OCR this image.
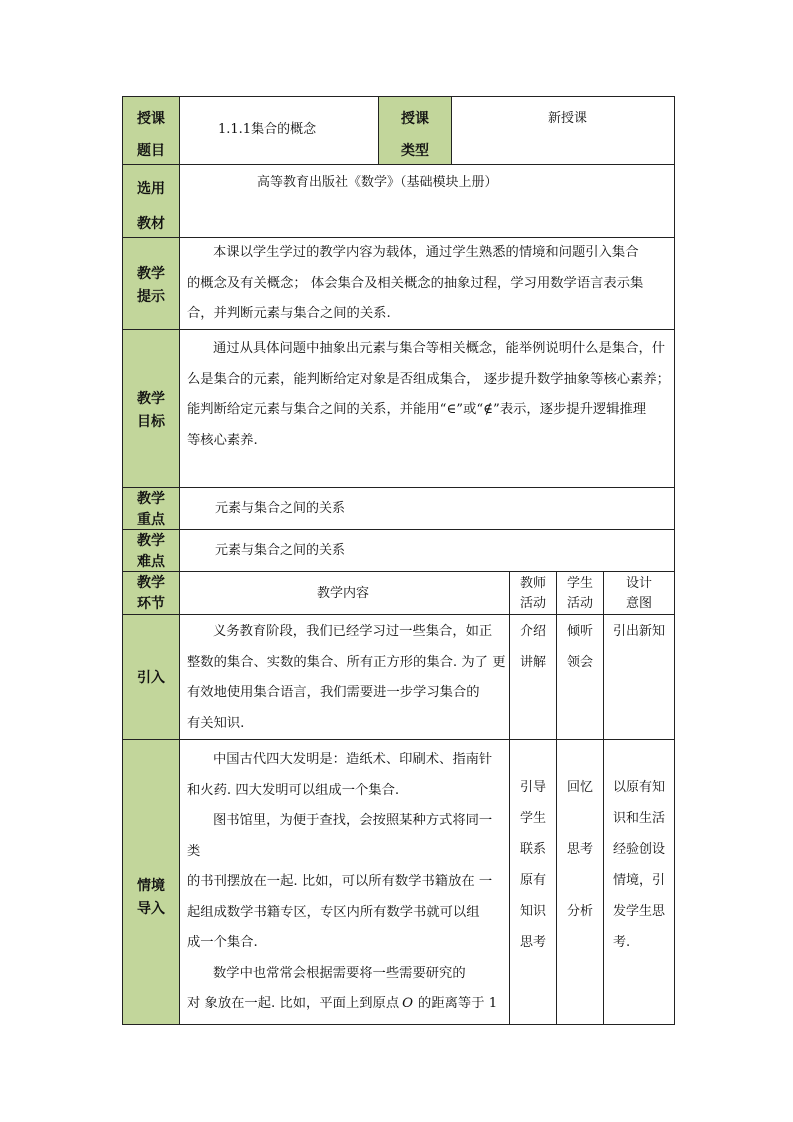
授课
题目
1.1.1集合的概念
授课
类型
新授课
选用
教材
高等教育出版社《数学》（基础模块上册）
教学
提示

本课以学生学过的教学内容为载体，通过学生熟悉的情境和问题引入集合

的概念及有关概念； 体会集合及相关概念的抽象过程，学习用数学语言表示集

合，并判断元素与集合之间的关系.

教学
目标

通过从具体问题中抽象出元素与集合等相关概念，能举例说明什么是集合，什

么是集合的元素，能判断给定对象是否组成集合， 逐步提升数学抽象等核心素养；

能判断给定元素与集合之间的关系，并能用“∈”或“∉”表示，逐步提升逻辑推理

等核心素养.

教学
重点
元素与集合之间的关系
教学
难点
元素与集合之间的关系
教学
环节
教学内容
教师
活动
学生
活动
设计
意图
引入

义务教育阶段，我们已经学习过一些集合，如正

整数的集合、实数的集合、所有正方形的集合. 为了 更

有效地使用集合语言，我们需要进一步学习集合的

有关知识.

介绍
讲解
倾听
领会
引出新知
情境
导入

中国古代四大发明是：造纸术、印刷术、指南针

和火药. 四大发明可以组成一个集合.

图书馆里，为便于查找，会按照某种方式将同一 类

的书刊摆放在一起. 比如，可以所有数学书籍放在 一

起组成数学书籍专区，专区内所有数学书就可以组

成一个集合.

数学中也常常会根据需要将一些需要研究的

对 象放在一起. 比如，平面上到原点 O 的距离等于 1

引导
学生
联系
原有
知识
思考
回忆
思考
分析
以原有知
识和生活
经验创设
情境，引
发学生思
考.
